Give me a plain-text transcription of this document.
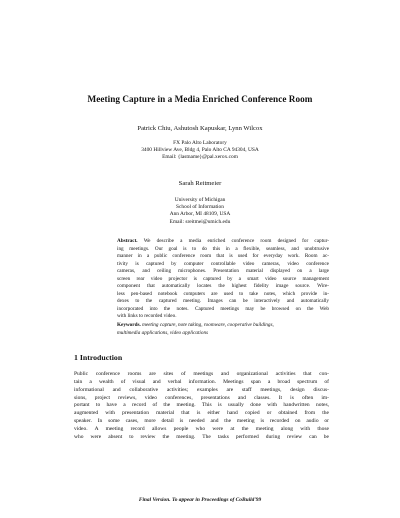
Meeting Capture in a Media Enriched Conference Room
Patrick Chiu, Ashutosh Kapuskar, Lynn Wilcox
FX Palo Alto Laboratory
3400 Hillview Ave, Bldg 4, Palo Alto CA 94304, USA
Email: {lastname}@pal.xerox.com
Sarah Reitmeier
University of Michigan
School of Information
Ann Arbor, MI 48109, USA
Email: sreitmei@umich.edu
Abstract. We describe a media enriched conference room designed for captur-
ing meetings. Our goal is to do this in a flexible, seamless, and unobtrusive
manner in a public conference room that is used for everyday work. Room ac-
tivity is captured by computer controllable video cameras, video conference
cameras, and ceiling microphones. Presentation material displayed on a large
screen rear video projector is captured by a smart video source management
component that automatically locates the highest fidelity image source. Wire-
less pen-based notebook computers are used to take notes, which provide in-
dexes to the captured meeting. Images can be interactively and automatically
incorporated into the notes. Captured meetings may be browsed on the Web
with links to recorded video.
Keywords. meeting capture, note taking, roomware, cooperative buildings,
multimedia applications, video applications
1 Introduction
Public conference rooms are sites of meetings and organizational activities that con-
tain a wealth of visual and verbal information. Meetings span a broad spectrum of
informational and collaborative activities; examples are staff meetings, design discus-
sions, project reviews, video conferences, presentations and classes. It is often im-
portant to have a record of the meeting. This is usually done with handwritten notes,
augmented with presentation material that is either hand copied or obtained from the
speaker. In some cases, more detail is needed and the meeting is recorded on audio or
video. A meeting record allows people who were at the meeting along with those
who were absent to review the meeting. The tasks performed during review can be
Final Version. To appear in Proceedings of CoBuild'99
